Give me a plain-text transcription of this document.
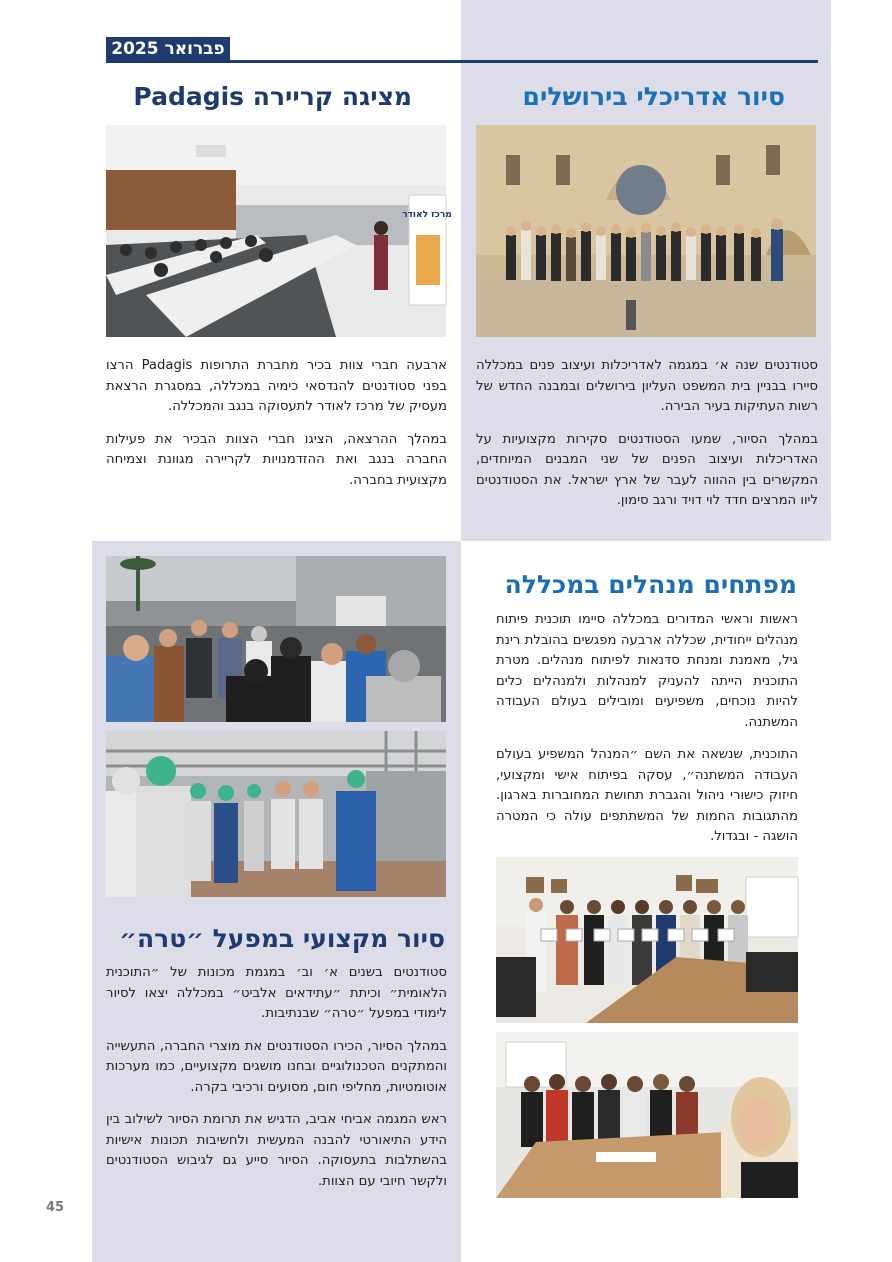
פברואר 2025
סיור אדריכלי בירושלים
Padagis מציגה קריירה
מפתחים מנהלים במכללה
סיור מקצועי במפעל ״טרה״
מרכז לאודר

סטודנטים שנה א׳ במגמה לאדריכלות ועיצוב פנים במכללה סיירו בבניין בית המשפט העליון בירושלים ובמבנה החדש של רשות העתיקות בעיר הבירה.

במהלך הסיור, שמעו הסטודנטים סקירות מקצועיות על האדריכלות ועיצוב הפנים של שני המבנים המיוחדים, המקשרים בין ההווה לעבר של ארץ ישראל. את הסטודנטים ליוו המרצים חדד לוי דויד ורגב סימון.

ארבעה חברי צוות בכיר מחברת התרופות Padagis הרצו בפני סטודנטים להנדסאי כימיה במכללה, במסגרת הרצאת מעסיק של מרכז לאודר לתעסוקה בנגב והמכללה.

במהלך ההרצאה, הציגו חברי הצוות הבכיר את פעילות החברה בנגב ואת ההזדמנויות לקריירה מגוונת וצמיחה מקצועית בחברה.

ראשות וראשי המדורים במכללה סיימו תוכנית פיתוח מנהלים ייחודית, שכללה ארבעה מפגשים בהובלת רינת גיל, מאמנת ומנחת סדנאות לפיתוח מנהלים. מטרת התוכנית הייתה להעניק למנהלות ולמנהלים כלים להיות נוכחים, משפיעים ומובילים בעולם העבודה המשתנה.

התוכנית, שנשאה את השם ״המנהל המשפיע בעולם העבודה המשתנה״, עסקה בפיתוח אישי ומקצועי, חיזוק כישורי ניהול והגברת תחושת המחוברות בארגון. מהתגובות החמות של המשתתפים עולה כי המטרה הושגה - ובגדול.

סטודנטים בשנים א׳ וב׳ במגמת מכונות של ״התוכנית הלאומית״ וכיתת ״עתידאים אלביט״ במכללה יצאו לסיור לימודי במפעל ״טרה״ שבנתיבות.

במהלך הסיור, הכירו הסטודנטים את מוצרי החברה, התעשייה והמתקנים הטכנולוגיים ובחנו מושגים מקצועיים, כמו מערכות אוטומטיות, מחליפי חום, מסועים ורכיבי בקרה.

ראש המגמה אביחי אביב, הדגיש את תרומת הסיור לשילוב בין הידע התיאורטי להבנה המעשית ולחשיבות תכונות אישיות בהשתלבות בתעסוקה. הסיור סייע גם לגיבוש הסטודנטים ולקשר חיובי עם הצוות.

45
